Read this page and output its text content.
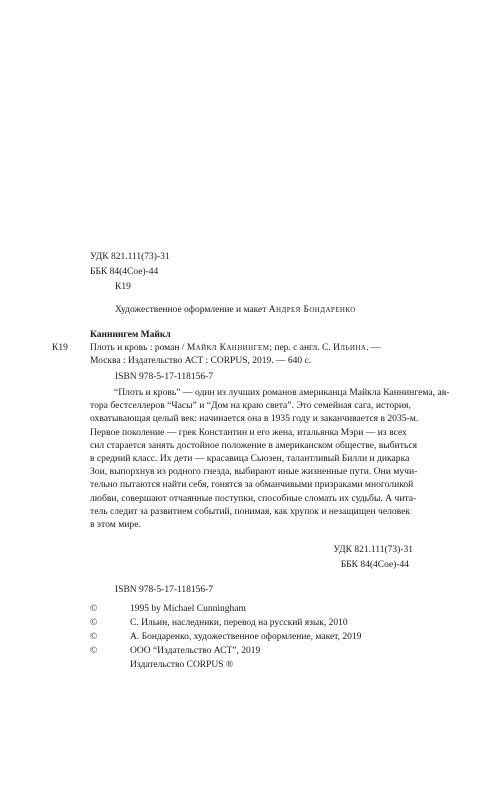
УДК 821.111(73)-31
ББК 84(4Сое)-44
К19
Художественное оформление и макет Андрея Бондаренко
Каннингем Майкл
К19 Плоть и кровь : роман / Майкл Каннингем; пер. с англ. С. Ильина. —
Москва : Издательство АСТ : CORPUS, 2019. — 640 с.
ISBN 978-5-17-118156-7
“Плоть и кровь” — один из лучших романов американца Майкла Каннингема, ав-
тора бестселлеров “Часы” и “Дом на краю света”. Это семейная сага, история,
охватывающая целый век: начинается она в 1935 году и заканчивается в 2035-м.
Первое поколение — грек Константин и его жена, итальянка Мэри — из всех
сил старается занять достойное положение в американском обществе, выбиться
в средний класс. Их дети — красавица Сьюзен, талантливый Билли и дикарка
Зои, выпорхнув из родного гнезда, выбирают иные жизненные пути. Они мучи-
тельно пытаются найти себя, гонятся за обманчивыми призраками многоликой
любви, совершают отчаянные поступки, способные сломать их судьбы. А чита-
тель следит за развитием событий, понимая, как хрупок и незащищен человек
в этом мире.
УДК 821.111(73)-31
ББК 84(4Сое)-44
ISBN 978-5-17-118156-7
©	1995 by Michael Cunningham
©	С. Ильин, наследники, перевод на русский язык, 2010
©	А. Бондаренко, художественное оформление, макет, 2019
©	ООО “Издательство АСТ”, 2019
Издательство CORPUS ®
